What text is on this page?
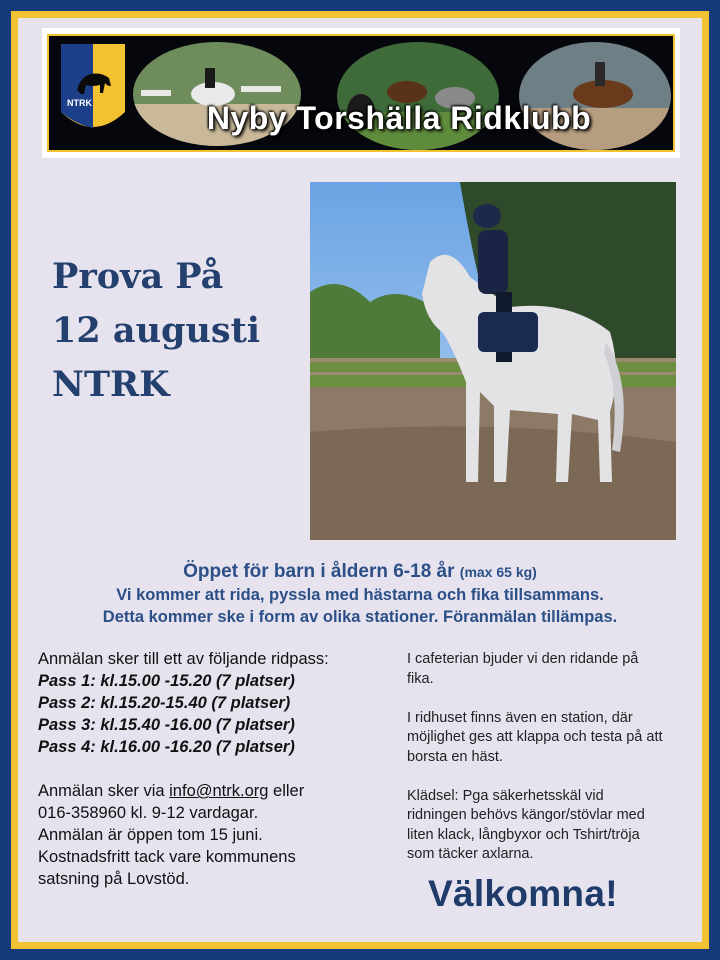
NTRK	Nyby Torshälla Ridklubb
Prova På
12 augusti
NTRK
Öppet för barn i åldern 6-18 år (max 65 kg)
Vi kommer att rida, pyssla med hästarna och fika tillsammans.
Detta kommer ske i form av olika stationer. Föranmälan tillämpas.
Anmälan sker till ett av följande ridpass:
Pass 1: kl.15.00 -15.20 (7 platser)
Pass 2: kl.15.20-15.40 (7 platser)
Pass 3: kl.15.40 -16.00 (7 platser)
Pass 4: kl.16.00 -16.20 (7 platser)
Anmälan sker via info@ntrk.org eller
016-358960 kl. 9-12 vardagar.
Anmälan är öppen tom 15 juni.
Kostnadsfritt tack vare kommunens
satsning på Lovstöd.

I cafeterian bjuder vi den ridande på fika.

I ridhuset finns även en station, där möjlighet ges att klappa och testa på att borsta en häst.

Klädsel: Pga säkerhetsskäl vid ridningen behövs kängor/stövlar med liten klack, långbyxor och Tshirt/tröja som täcker axlarna.

Välkomna!
